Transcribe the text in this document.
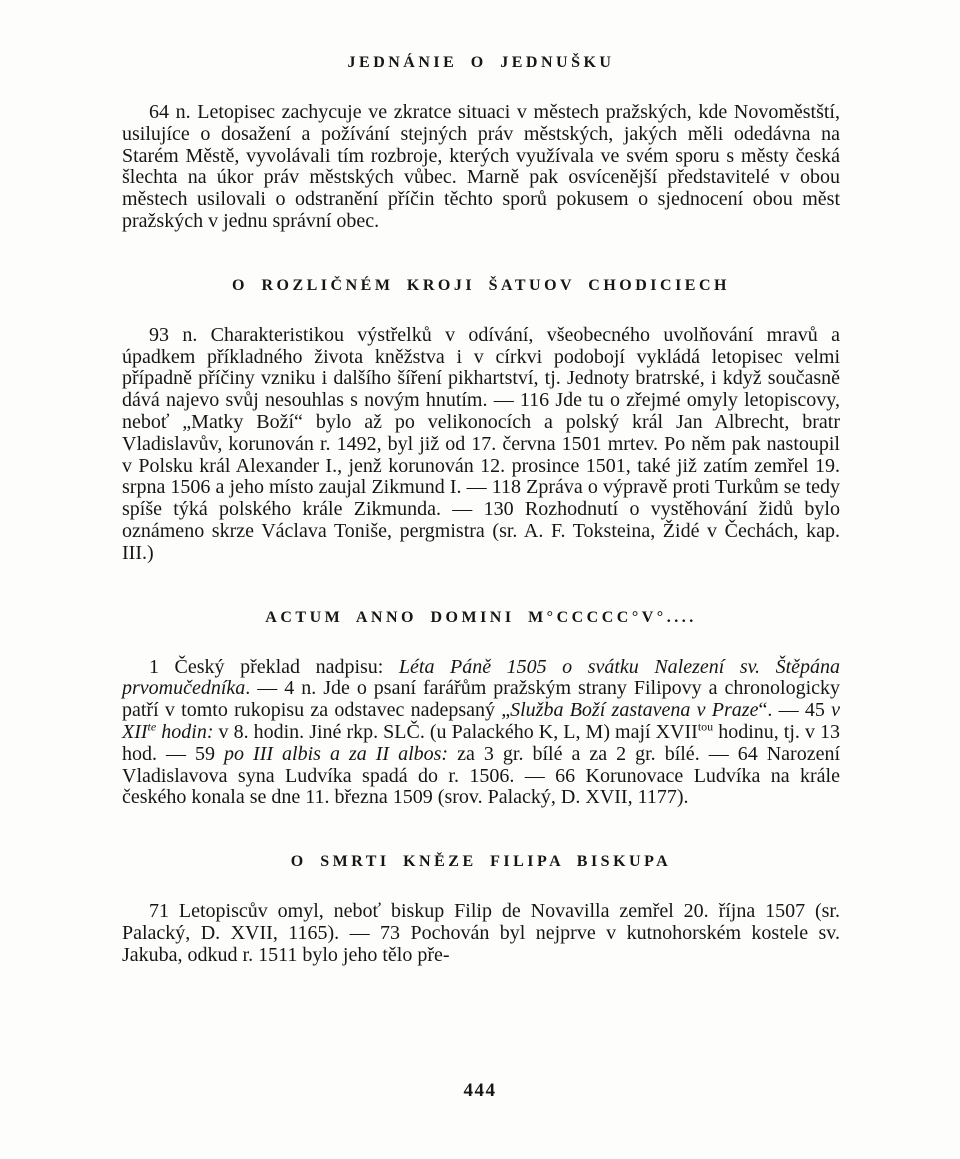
JEDNÁNIE O JEDNUŠKU

64 n. Letopisec zachycuje ve zkratce situaci v městech pražských, kde Novoměstští, usilujíce o dosažení a požívání stejných práv městských, jakých měli odedávna na Starém Městě, vyvolávali tím rozbroje, kterých využívala ve svém sporu s městy česká šlechta na úkor práv městských vůbec. Marně pak osvícenější představitelé v obou městech usilovali o odstranění příčin těchto sporů pokusem o sjednocení obou měst pražských v jednu správní obec.

O ROZLIČNÉM KROJI ŠATUOV CHODICIECH

93 n. Charakteristikou výstřelků v odívání, všeobecného uvolňování mravů a úpadkem příkladného života kněžstva i v církvi podobojí vykládá letopisec velmi případně příčiny vzniku i dalšího šíření pikhartství, tj. Jednoty bratrské, i když současně dává najevo svůj nesouhlas s novým hnutím. — 116 Jde tu o zřejmé omyly letopiscovy, neboť „Matky Boží“ bylo až po velikonocích a polský král Jan Albrecht, bratr Vladislavův, korunován r. 1492, byl již od 17. června 1501 mrtev. Po něm pak nastoupil v Polsku král Alexander I., jenž korunován 12. prosince 1501, také již zatím zemřel 19. srpna 1506 a jeho místo zaujal Zikmund I. — 118 Zpráva o výpravě proti Turkům se tedy spíše týká polského krále Zikmunda. — 130 Rozhodnutí o vystěhování židů bylo oznámeno skrze Václava Toniše, pergmistra (sr. A. F. Toksteina, Židé v Čechách, kap. III.)

ACTUM ANNO DOMINI M°CCCCC°V°....

1 Český překlad nadpisu: Léta Páně 1505 o svátku Nalezení sv. Štěpána prvomučedníka. — 4 n. Jde o psaní farářům pražským strany Filipovy a chronologicky patří v tomto rukopisu za odstavec nadepsaný „Služba Boží zastavena v Praze“. — 45 v $XII^{te}$ hodin: v 8. hodin. Jiné rkp. SLČ. (u Palackého K, L, M) mají $XVII^{tou}$ hodinu, tj. v 13 hod. — 59 po III albis a za II albos: za 3 gr. bílé a za 2 gr. bílé. — 64 Narození Vladislavova syna Ludvíka spadá do r. 1506. — 66 Korunovace Ludvíka na krále českého konala se dne 11. března 1509 (srov. Palacký, D. XVII, 1177).

O SMRTI KNĚZE FILIPA BISKUPA

71 Letopiscův omyl, neboť biskup Filip de Novavilla zemřel 20. října 1507 (sr. Palacký, D. XVII, 1165). — 73 Pochován byl nejprve v kutnohorském kostele sv. Jakuba, odkud r. 1511 bylo jeho tělo pře-

444
